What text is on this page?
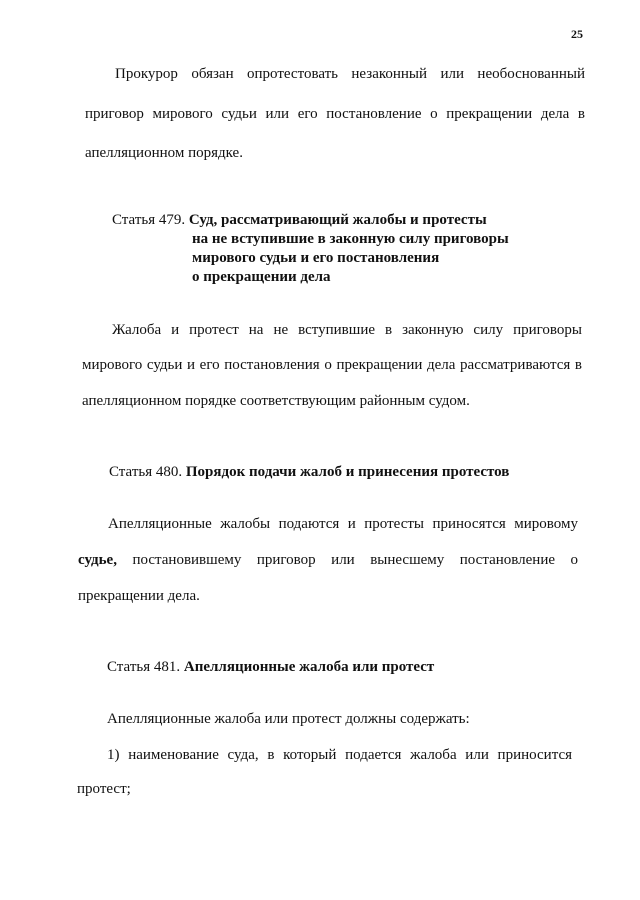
25
Прокурор обязан опротестовать незаконный или необоснованный
приговор мирового судьи или его постановление о прекращении дела в
апелляционном порядке.
Статья 479. Суд, рассматривающий жалобы и протесты
на не вступившие в законную силу приговоры
мирового судьи и его постановления
о прекращении дела
Жалоба и протест на не вступившие в законную силу приговоры
мирового судьи и его постановления о прекращении дела рассматриваются в
апелляционном порядке соответствующим районным судом.
Статья 480. Порядок подачи жалоб и принесения протестов
Апелляционные жалобы подаются и протесты приносятся мировому
судье, постановившему приговор или вынесшему постановление о
прекращении дела.
Статья 481. Апелляционные жалоба или протест
Апелляционные жалоба или протест должны содержать:
1) наименование суда, в который подается жалоба или приносится
протест;
